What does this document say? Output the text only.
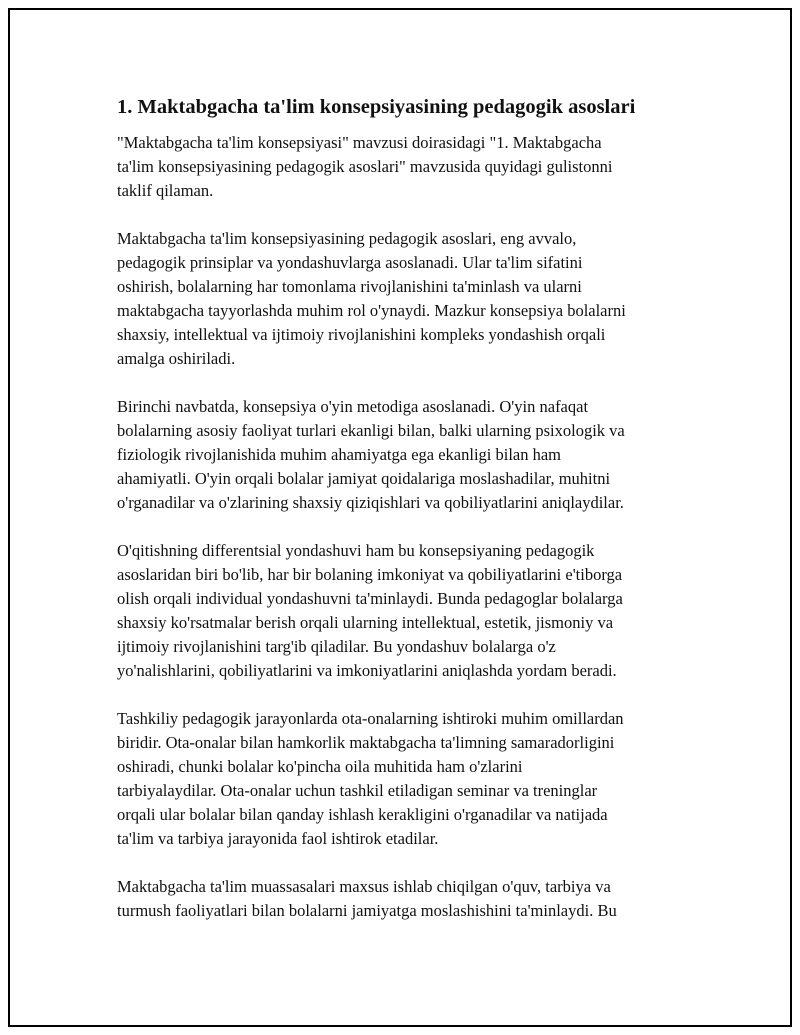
1. Maktabgacha ta'lim konsepsiyasining pedagogik asoslari

"Maktabgacha ta'lim konsepsiyasi" mavzusi doirasidagi "1. Maktabgacha
ta'lim konsepsiyasining pedagogik asoslari" mavzusida quyidagi gulistonni
taklif qilaman.

Maktabgacha ta'lim konsepsiyasining pedagogik asoslari, eng avvalo,
pedagogik prinsiplar va yondashuvlarga asoslanadi. Ular ta'lim sifatini
oshirish, bolalarning har tomonlama rivojlanishini ta'minlash va ularni
maktabgacha tayyorlashda muhim rol o'ynaydi. Mazkur konsepsiya bolalarni
shaxsiy, intellektual va ijtimoiy rivojlanishini kompleks yondashish orqali
amalga oshiriladi.

Birinchi navbatda, konsepsiya o'yin metodiga asoslanadi. O'yin nafaqat
bolalarning asosiy faoliyat turlari ekanligi bilan, balki ularning psixologik va
fiziologik rivojlanishida muhim ahamiyatga ega ekanligi bilan ham
ahamiyatli. O'yin orqali bolalar jamiyat qoidalariga moslashadilar, muhitni
o'rganadilar va o'zlarining shaxsiy qiziqishlari va qobiliyatlarini aniqlaydilar.

O'qitishning differentsial yondashuvi ham bu konsepsiyaning pedagogik
asoslaridan biri bo'lib, har bir bolaning imkoniyat va qobiliyatlarini e'tiborga
olish orqali individual yondashuvni ta'minlaydi. Bunda pedagoglar bolalarga
shaxsiy ko'rsatmalar berish orqali ularning intellektual, estetik, jismoniy va
ijtimoiy rivojlanishini targ'ib qiladilar. Bu yondashuv bolalarga o'z
yo'nalishlarini, qobiliyatlarini va imkoniyatlarini aniqlashda yordam beradi.

Tashkiliy pedagogik jarayonlarda ota-onalarning ishtiroki muhim omillardan
biridir. Ota-onalar bilan hamkorlik maktabgacha ta'limning samaradorligini
oshiradi, chunki bolalar ko'pincha oila muhitida ham o'zlarini
tarbiyalaydilar. Ota-onalar uchun tashkil etiladigan seminar va treninglar
orqali ular bolalar bilan qanday ishlash kerakligini o'rganadilar va natijada
ta'lim va tarbiya jarayonida faol ishtirok etadilar.

Maktabgacha ta'lim muassasalari maxsus ishlab chiqilgan o'quv, tarbiya va
turmush faoliyatlari bilan bolalarni jamiyatga moslashishini ta'minlaydi. Bu
